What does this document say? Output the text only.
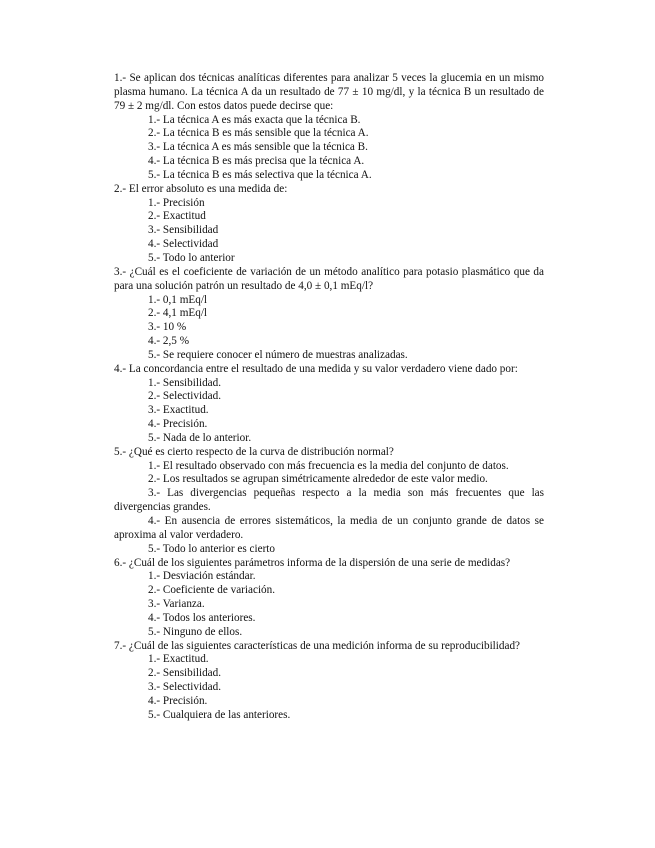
1.- Se aplican dos técnicas analíticas diferentes para analizar 5 veces la glucemia en un mismo plasma humano. La técnica A da un resultado de 77 ± 10 mg/dl, y la técnica B un resultado de 79 ± 2 mg/dl. Con estos datos puede decirse que:
1.- La técnica A es más exacta que la técnica B.
2.- La técnica B es más sensible que la técnica A.
3.- La técnica A es más sensible que la técnica B.
4.- La técnica B es más precisa que la técnica A.
5.- La técnica B es más selectiva que la técnica A.
2.- El error absoluto es una medida de:
1.- Precisión
2.- Exactitud
3.- Sensibilidad
4.- Selectividad
5.- Todo lo anterior
3.- ¿Cuál es el coeficiente de variación de un método analítico para potasio plasmático que da para una solución patrón un resultado de 4,0 ± 0,1 mEq/l?
1.- 0,1 mEq/l
2.- 4,1 mEq/l
3.- 10 %
4.- 2,5 %
5.- Se requiere conocer el número de muestras analizadas.
4.- La concordancia entre el resultado de una medida y su valor verdadero viene dado por:
1.- Sensibilidad.
2.- Selectividad.
3.- Exactitud.
4.- Precisión.
5.- Nada de lo anterior.
5.- ¿Qué es cierto respecto de la curva de distribución normal?
1.- El resultado observado con más frecuencia es la media del conjunto de datos.
2.- Los resultados se agrupan simétricamente alrededor de este valor medio.
3.- Las divergencias pequeñas respecto a la media son más frecuentes que las divergencias grandes.
4.- En ausencia de errores sistemáticos, la media de un conjunto grande de datos se aproxima al valor verdadero.
5.- Todo lo anterior es cierto
6.- ¿Cuál de los siguientes parámetros informa de la dispersión de una serie de medidas?
1.- Desviación estándar.
2.- Coeficiente de variación.
3.- Varianza.
4.- Todos los anteriores.
5.- Ninguno de ellos.
7.- ¿Cuál de las siguientes características de una medición informa de su reproducibilidad?
1.- Exactitud.
2.- Sensibilidad.
3.- Selectividad.
4.- Precisión.
5.- Cualquiera de las anteriores.
